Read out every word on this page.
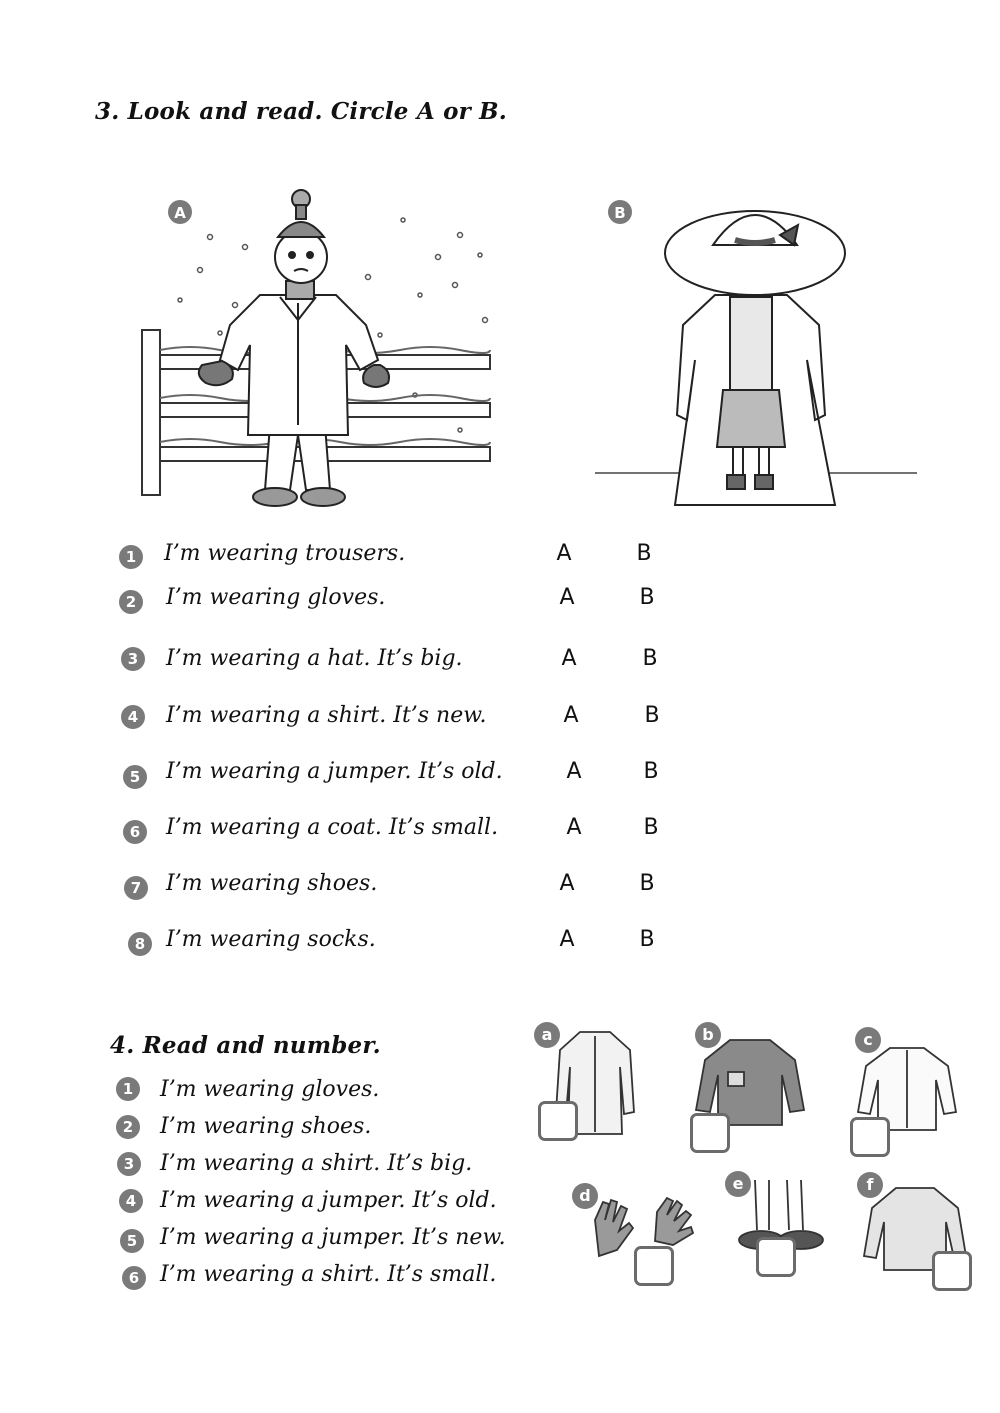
3. Look and read. Circle A or B.
A	B
1	I’m wearing trousers.	A	B
2	I’m wearing gloves.	A	B
3	I’m wearing a hat. It’s big.	A	B
4	I’m wearing a shirt. It’s new.	A	B
5	I’m wearing a jumper. It’s old.	A	B
6	I’m wearing a coat. It’s small.	A	B
7	I’m wearing shoes.	A	B
8 I’m wearing socks.	A	B
4. Read and number.
1	I’m wearing gloves.
2	I’m wearing shoes.
3	I’m wearing a shirt. It’s big.
4	I’m wearing a jumper. It’s old.
5	I’m wearing a jumper. It’s new.
6 I’m wearing a shirt. It’s small.
a	b	c
d
e	f
